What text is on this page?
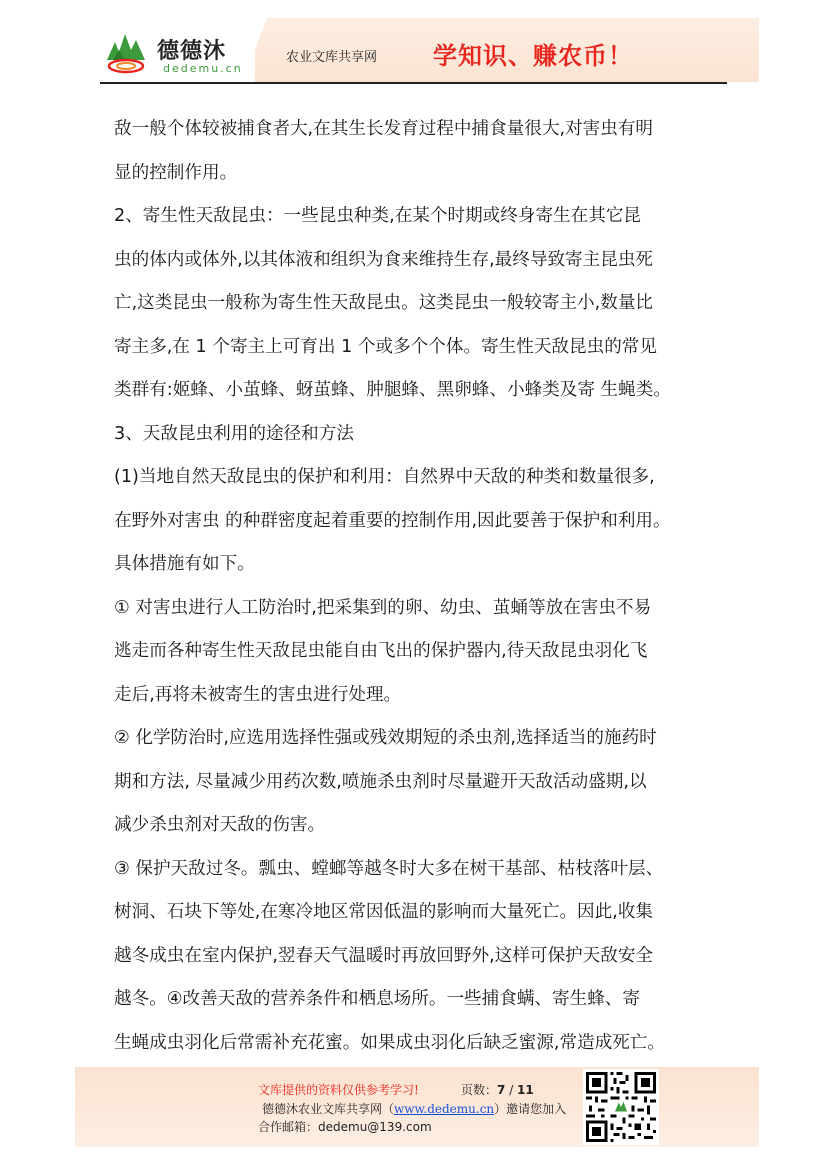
德德沐
dedemu.cn
农业文库共享网 学知识、赚农币！
敌一般个体较被捕食者大,在其生长发育过程中捕食量很大,对害虫有明
显的控制作用。
2、寄生性天敌昆虫：一些昆虫种类,在某个时期或终身寄生在其它昆
虫的体内或体外,以其体液和组织为食来维持生存,最终导致寄主昆虫死
亡,这类昆虫一般称为寄生性天敌昆虫。这类昆虫一般较寄主小,数量比
寄主多,在 1 个寄主上可育出 1 个或多个个体。寄生性天敌昆虫的常见
类群有:姬蜂、小茧蜂、蚜茧蜂、肿腿蜂、黑卵蜂、小蜂类及寄 生蝇类。
3、天敌昆虫利用的途径和方法
(1)当地自然天敌昆虫的保护和利用：自然界中天敌的种类和数量很多,
在野外对害虫 的种群密度起着重要的控制作用,因此要善于保护和利用。
具体措施有如下。
① 对害虫进行人工防治时,把采集到的卵、幼虫、茧蛹等放在害虫不易
逃走而各种寄生性天敌昆虫能自由飞出的保护器内,待天敌昆虫羽化飞
走后,再将未被寄生的害虫进行处理。
② 化学防治时,应选用选择性强或残效期短的杀虫剂,选择适当的施药时
期和方法, 尽量减少用药次数,喷施杀虫剂时尽量避开天敌活动盛期,以
减少杀虫剂对天敌的伤害。
③ 保护天敌过冬。瓢虫、螳螂等越冬时大多在树干基部、枯枝落叶层、
树洞、石块下等处,在寒冷地区常因低温的影响而大量死亡。因此,收集
越冬成虫在室内保护,翌春天气温暖时再放回野外,这样可保护天敌安全
越冬。④改善天敌的营养条件和栖息场所。一些捕食螨、寄生蜂、寄
生蝇成虫羽化后常需补充花蜜。如果成虫羽化后缺乏蜜源,常造成死亡。
文库提供的资料仅供参考学习!	页数：7 / 11
德德沐农业文库共享网（www.dedemu.cn）邀请您加入
合作邮箱：dedemu@139.com
